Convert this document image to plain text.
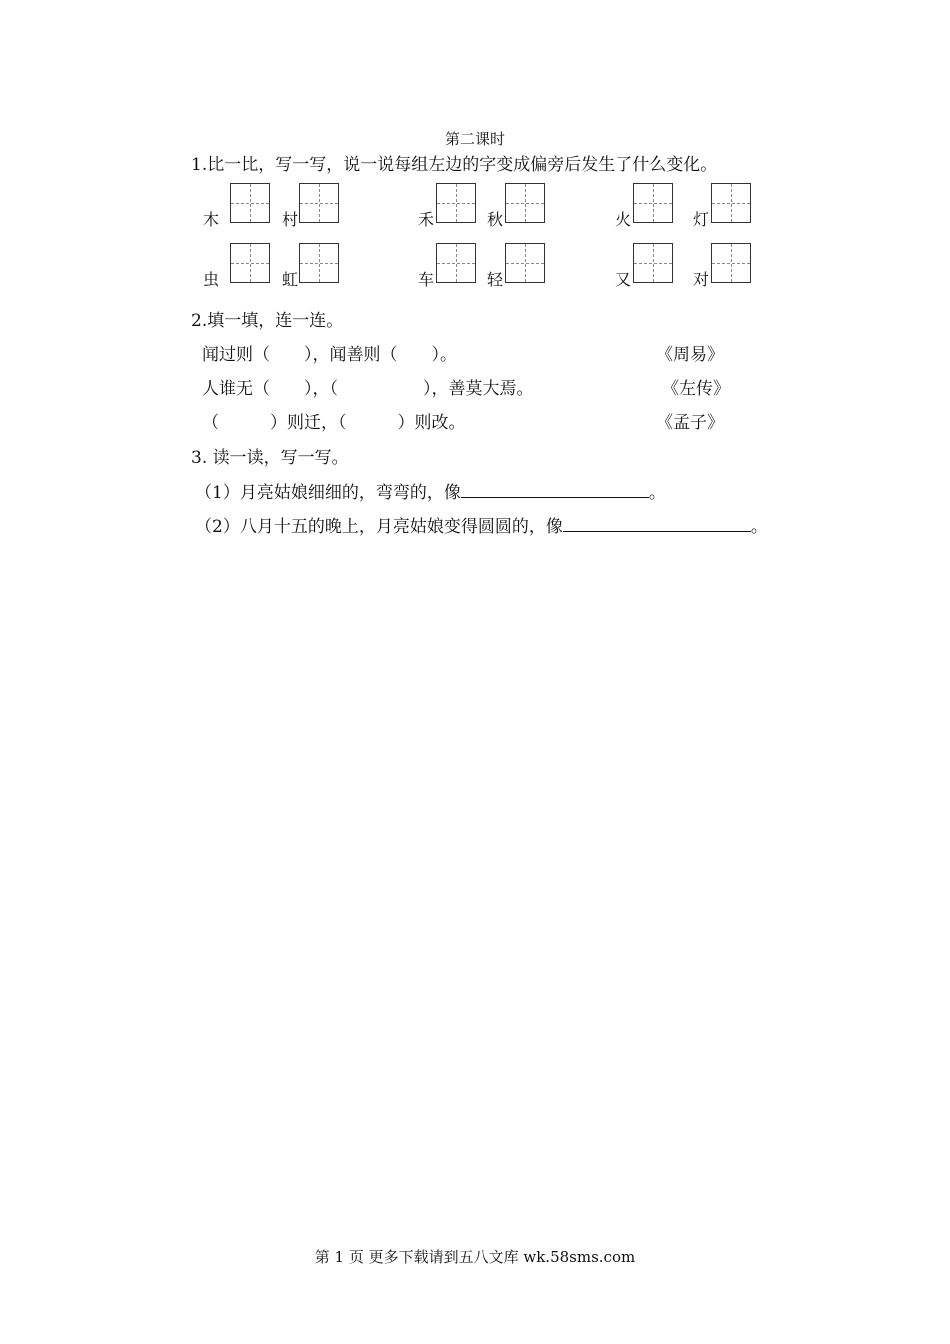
第二课时
1.比一比，写一写，说一说每组左边的字变成偏旁后发生了什么变化。
木	村	禾	秋	火	灯
虫	虹	车	轻	又	对
2.填一填，连一连。
闻过则（　　），闻善则（　　）。	《周易》
人谁无（　　），（　　　　　），善莫大焉。	《左传》
（　　　）则迁，（　　　）则改。	《孟子》
3. 读一读，写一写。
（1）月亮姑娘细细的，弯弯的，像	。
（2）八月十五的晚上，月亮姑娘变得圆圆的，像	。
第 1 页 更多下载请到五八文库 wk.58sms.com
